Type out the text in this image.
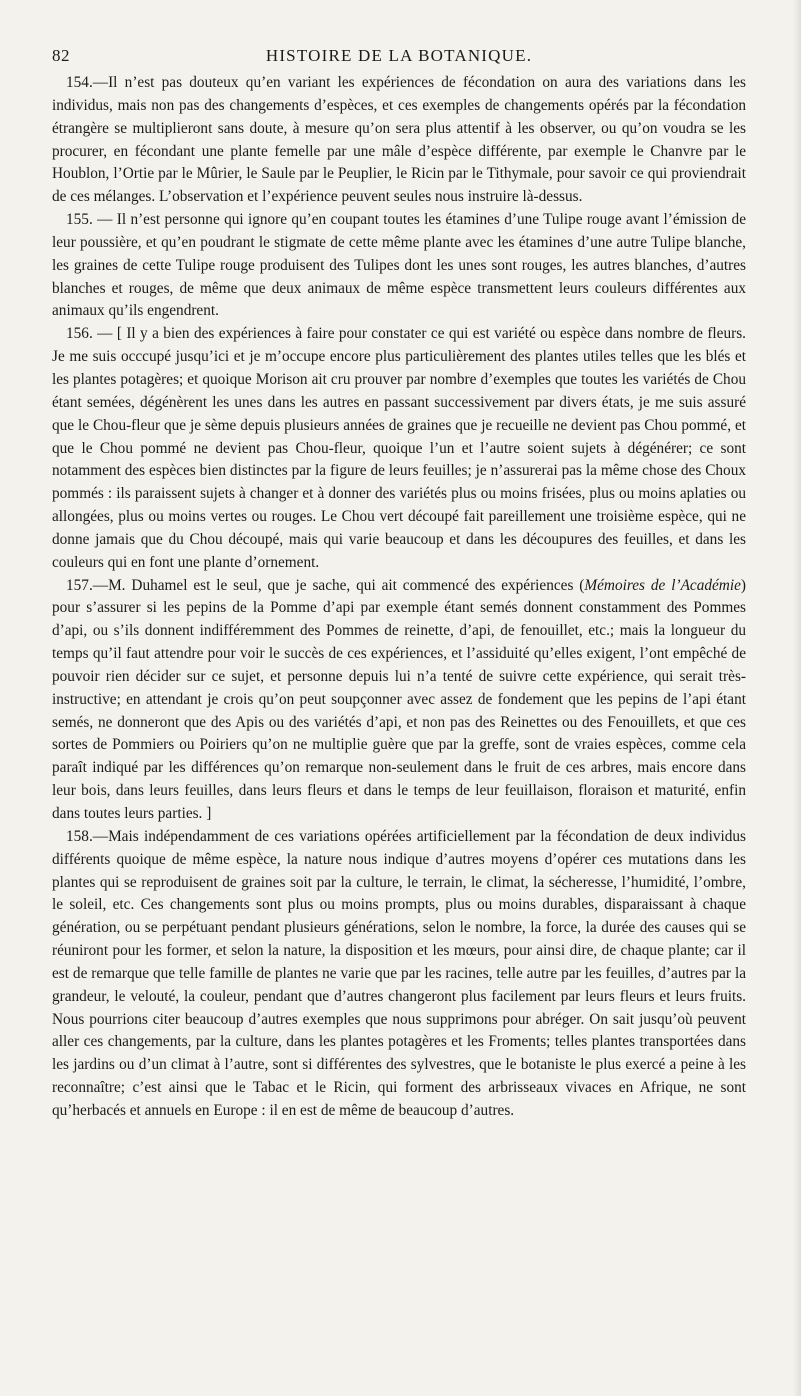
82	HISTOIRE DE LA BOTANIQUE.

154.—Il n’est pas douteux qu’en variant les expériences de fécondation on aura des variations dans les individus, mais non pas des changements d’espèces, et ces exemples de changements opérés par la fécondation étrangère se multiplieront sans doute, à mesure qu’on sera plus attentif à les observer, ou qu’on voudra se les procurer, en fécondant une plante femelle par une mâle d’espèce différente, par exemple le Chanvre par le Houblon, l’Ortie par le Mûrier, le Saule par le Peuplier, le Ricin par le Tithymale, pour savoir ce qui proviendrait de ces mélanges. L’observation et l’expérience peuvent seules nous instruire là-dessus.

155. — Il n’est personne qui ignore qu’en coupant toutes les étamines d’une Tulipe rouge avant l’émission de leur poussière, et qu’en poudrant le stigmate de cette même plante avec les étamines d’une autre Tulipe blanche, les graines de cette Tulipe rouge produisent des Tulipes dont les unes sont rouges, les autres blanches, d’autres blanches et rouges, de même que deux animaux de même espèce transmettent leurs couleurs différentes aux animaux qu’ils engendrent.

156. — [ Il y a bien des expériences à faire pour constater ce qui est variété ou espèce dans nombre de fleurs. Je me suis occcupé jusqu’ici et je m’occupe encore plus particulièrement des plantes utiles telles que les blés et les plantes potagères; et quoique Morison ait cru prouver par nombre d’exemples que toutes les variétés de Chou étant semées, dégénèrent les unes dans les autres en passant successivement par divers états, je me suis assuré que le Chou-fleur que je sème depuis plusieurs années de graines que je recueille ne devient pas Chou pommé, et que le Chou pommé ne devient pas Chou-fleur, quoique l’un et l’autre soient sujets à dégénérer; ce sont notamment des espèces bien distinctes par la figure de leurs feuilles; je n’assurerai pas la même chose des Choux pommés : ils paraissent sujets à changer et à donner des variétés plus ou moins frisées, plus ou moins aplaties ou allongées, plus ou moins vertes ou rouges. Le Chou vert découpé fait pareillement une troisième espèce, qui ne donne jamais que du Chou découpé, mais qui varie beaucoup et dans les découpures des feuilles, et dans les couleurs qui en font une plante d’ornement.

157.—M. Duhamel est le seul, que je sache, qui ait commencé des expériences (Mémoires de l’Académie) pour s’assurer si les pepins de la Pomme d’api par exemple étant semés donnent constamment des Pommes d’api, ou s’ils donnent indifféremment des Pommes de reinette, d’api, de fenouillet, etc.; mais la longueur du temps qu’il faut attendre pour voir le succès de ces expériences, et l’assiduité qu’elles exigent, l’ont empêché de pouvoir rien décider sur ce sujet, et personne depuis lui n’a tenté de suivre cette expérience, qui serait très-instructive; en attendant je crois qu’on peut soupçonner avec assez de fondement que les pepins de l’api étant semés, ne donneront que des Apis ou des variétés d’api, et non pas des Reinettes ou des Fenouillets, et que ces sortes de Pommiers ou Poiriers qu’on ne multiplie guère que par la greffe, sont de vraies espèces, comme cela paraît indiqué par les différences qu’on remarque non-seulement dans le fruit de ces arbres, mais encore dans leur bois, dans leurs feuilles, dans leurs fleurs et dans le temps de leur feuillaison, floraison et maturité, enfin dans toutes leurs parties. ]

158.—Mais indépendamment de ces variations opérées artificiellement par la fécondation de deux individus différents quoique de même espèce, la nature nous indique d’autres moyens d’opérer ces mutations dans les plantes qui se reproduisent de graines soit par la culture, le terrain, le climat, la sécheresse, l’humidité, l’ombre, le soleil, etc. Ces changements sont plus ou moins prompts, plus ou moins durables, disparaissant à chaque génération, ou se perpétuant pendant plusieurs générations, selon le nombre, la force, la durée des causes qui se réuniront pour les former, et selon la nature, la disposition et les mœurs, pour ainsi dire, de chaque plante; car il est de remarque que telle famille de plantes ne varie que par les racines, telle autre par les feuilles, d’autres par la grandeur, le velouté, la couleur, pendant que d’autres changeront plus facilement par leurs fleurs et leurs fruits. Nous pourrions citer beaucoup d’autres exemples que nous supprimons pour abréger. On sait jusqu’où peuvent aller ces changements, par la culture, dans les plantes potagères et les Froments; telles plantes transportées dans les jardins ou d’un climat à l’autre, sont si différentes des sylvestres, que le botaniste le plus exercé a peine à les reconnaître; c’est ainsi que le Tabac et le Ricin, qui forment des arbrisseaux vivaces en Afrique, ne sont qu’herbacés et annuels en Europe : il en est de même de beaucoup d’autres.
